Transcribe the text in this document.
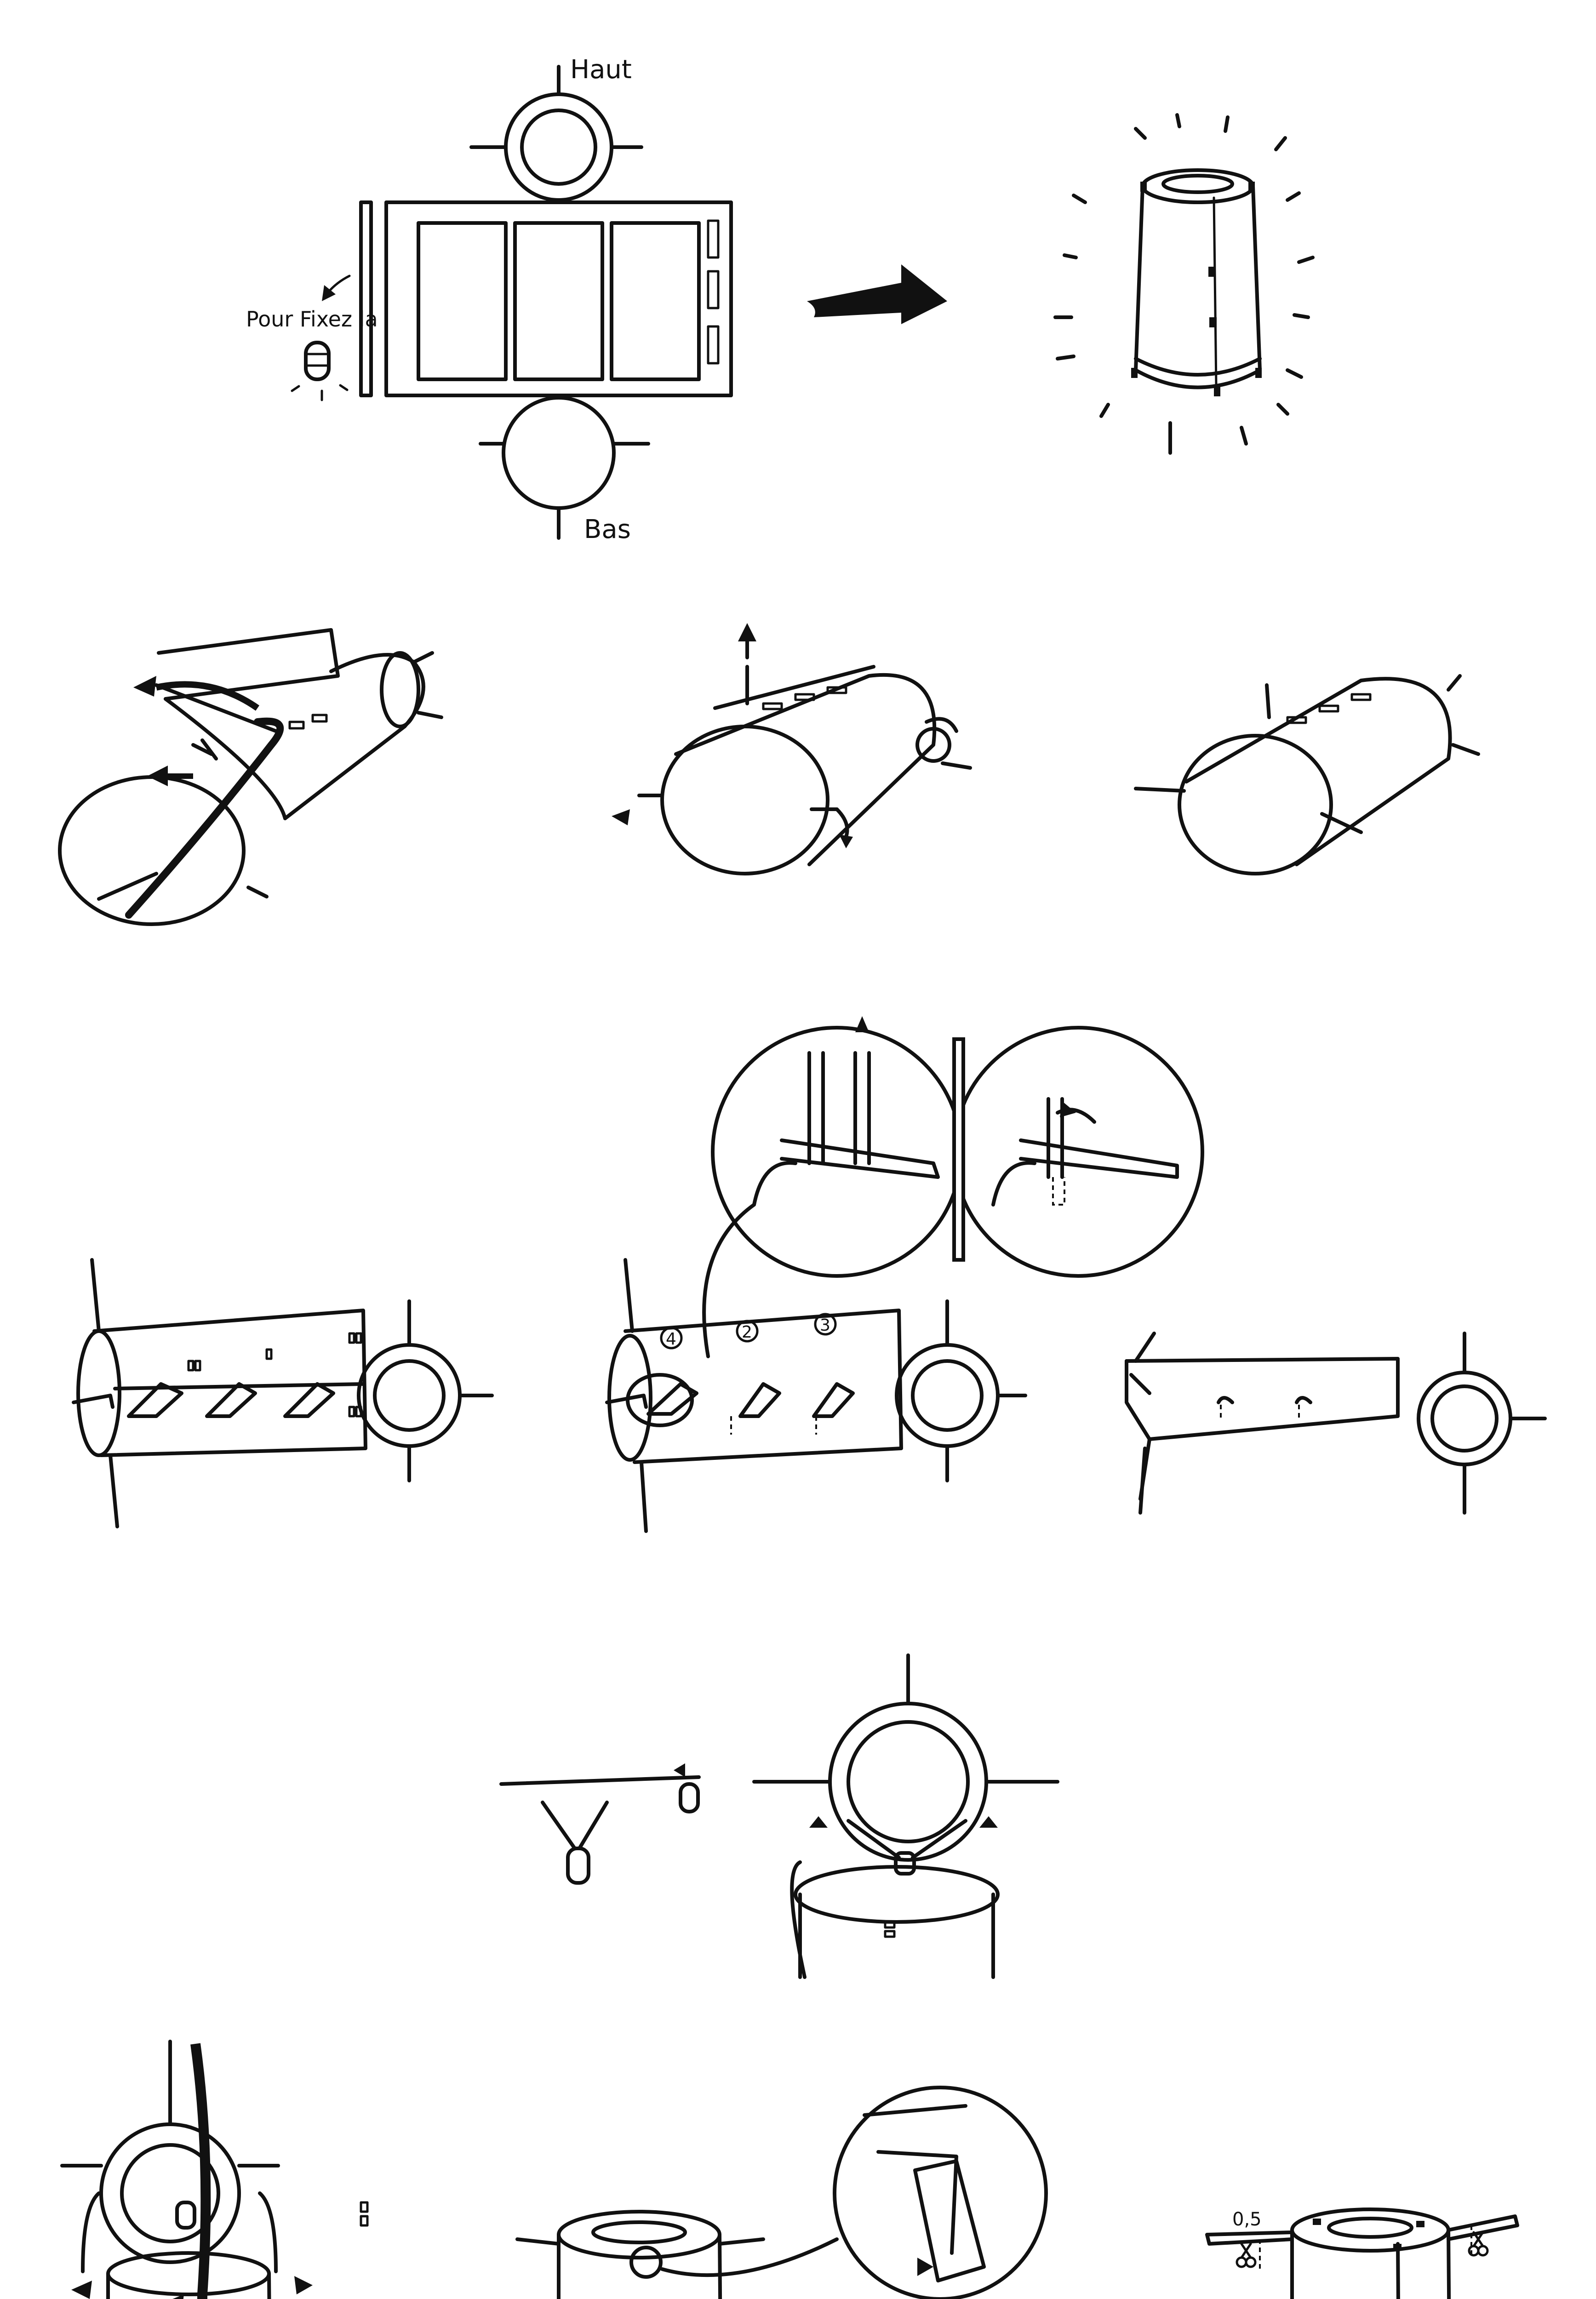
Haut
Bas
Pour Fixez la
4	2	3
0,5
